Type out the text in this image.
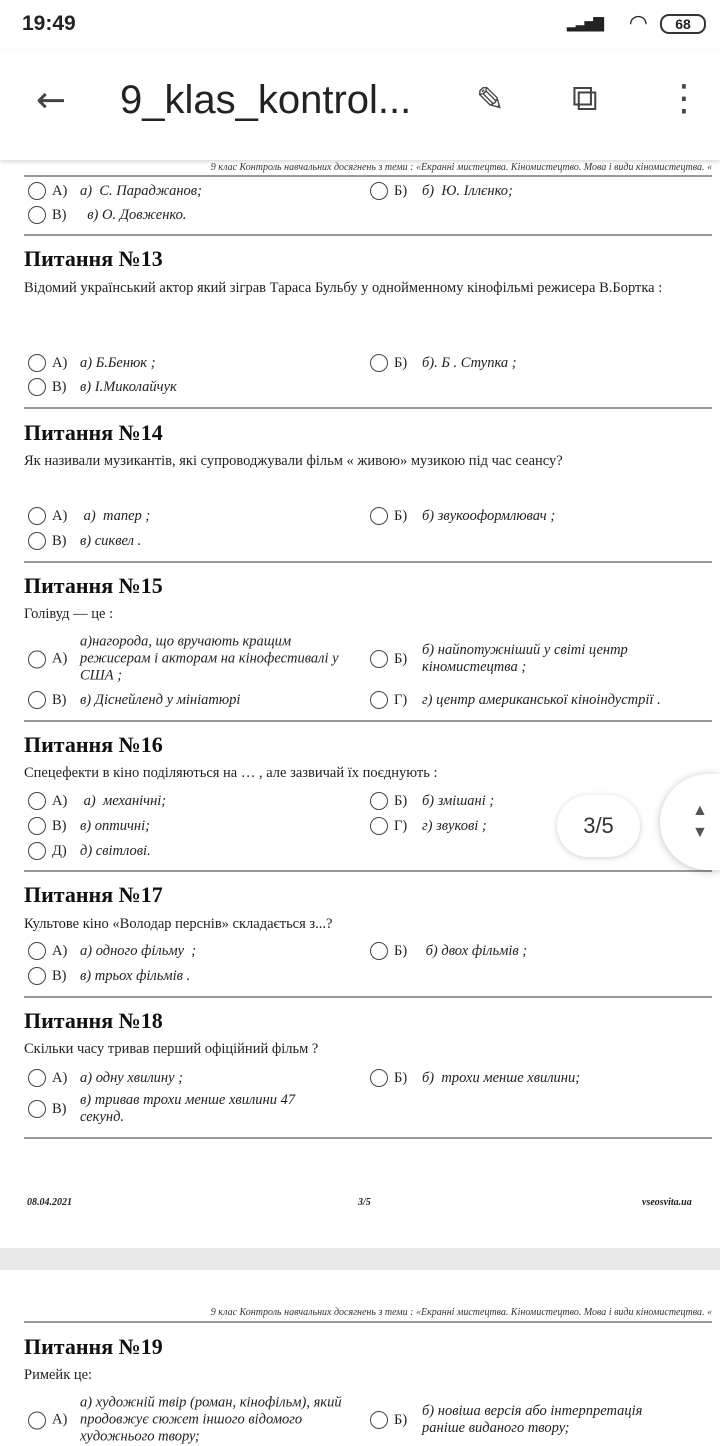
19:49	▂▃▅▇ ◠	68
← 9_klas_kontrol... ✎ ⧉ ⋮
9 клас Контроль навчальних досягнень з теми : «Екранні мистецтва. Кіномистецтво. Мова і види кіномистецтва. «
08.04.2021	3/5	vseosvita.ua
9 клас Контроль навчальних досягнень з теми : «Екранні мистецтва. Кіномистецтво. Мова і види кіномистецтва. «
А) а)  С. Параджанов;	Б)	б)  Ю. Іллєнко;
В) в) О. Довженко.
Питання №13
Відомий український актор який зіграв Тараса Бульбу у однойменному кінофільмі режисера В.Бортка :
А) а) Б.Бенюк ;	Б)	б). Б . Ступка ;
В) в) І.Миколайчук
Питання №14
Як називали музикантів, які супроводжували фільм « живою» музикою під час сеансу?
А) а)  тапер ;	Б)	б) звукооформлювач ;
В) в) сиквел .
Питання №15
Голівуд — це :
А)
а)нагорода, що вручають кращим режисерам і акторам на кінофестивалі у США ;
Б)
б) найпотужніший у світі центр кіномистецтва ;
В) в) Діснейленд у мініатюрі	Г)	г) центр американської кіноіндустрії .
Питання №16
Спецефекти в кіно поділяються на … , але зазвичай їх поєднують :
А) а)  механічні;	Б)	б) змішані ;
В) в) оптичні;	Г)	г) звукові ;
Д) д) світлові.
Питання №17
Культове кіно «Володар перснів» складається з...?
А) а) одного фільму  ;	Б)	б) двох фільмів ;
В) в) трьох фільмів .
Питання №18
Скільки часу тривав перший офіційний фільм ?
А) а) одну хвилину ;	Б)	б)  трохи менше хвилини;
В)
в) тривав трохи менше хвилини 47 секунд.
Питання №19
Римейк це:
А)
а) художній твір (роман, кінофільм), який продовжує сюжет іншого відомого художнього твору;
Б)
б) новіша версія або інтерпретація раніше виданого твору;
3/5
▲
▼
